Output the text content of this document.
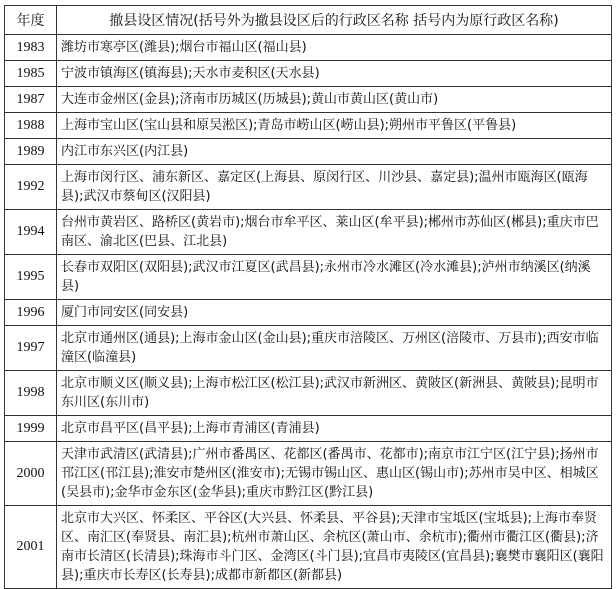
年度	撤县设区情况(括号外为撤县设区后的行政区名称 括号内为原行政区名称)
1983	潍坊市寒亭区(潍县);烟台市福山区(福山县)
1985	宁波市镇海区(镇海县);天水市麦积区(天水县)
1987	大连市金州区(金县);济南市历城区(历城县);黄山市黄山区(黄山市)
1988	上海市宝山区(宝山县和原吴淞区);青岛市崂山区(崂山县);朔州市平鲁区(平鲁县)
1989	内江市东兴区(内江县)
1992	上海市闵行区、浦东新区、嘉定区(上海县、原闵行区、川沙县、嘉定县);温州市瓯海区(瓯海县);武汉市蔡甸区(汉阳县)
1994	台州市黄岩区、路桥区(黄岩市);烟台市牟平区、莱山区(牟平县);郴州市苏仙区(郴县);重庆市巴南区、渝北区(巴县、江北县)
1995	长春市双阳区(双阳县);武汉市江夏区(武昌县);永州市冷水滩区(冷水滩县);泸州市纳溪区(纳溪县)
1996	厦门市同安区(同安县)
1997	北京市通州区(通县);上海市金山区(金山县);重庆市涪陵区、万州区(涪陵市、万县市);西安市临潼区(临潼县)
1998	北京市顺义区(顺义县);上海市松江区(松江县);武汉市新洲区、黄陂区(新洲县、黄陂县);昆明市东川区(东川市)
1999	北京市昌平区(昌平县);上海市青浦区(青浦县)
2000	天津市武清区(武清县);广州市番禺区、花都区(番禺市、花都市);南京市江宁区(江宁县);扬州市邗江区(邗江县);淮安市楚州区(淮安市);无锡市锡山区、惠山区(锡山市);苏州市吴中区、相城区(吴县市);金华市金东区(金华县);重庆市黔江区(黔江县)
2001	北京市大兴区、怀柔区、平谷区(大兴县、怀柔县、平谷县);天津市宝坻区(宝坻县);上海市奉贤区、南汇区(奉贤县、南汇县);杭州市萧山区、余杭区(萧山市、余杭市);衢州市衢江区(衢县);济南市长清区(长清县);珠海市斗门区、金湾区(斗门县);宜昌市夷陵区(宜昌县);襄樊市襄阳区(襄阳县);重庆市长寿区(长寿县);成都市新都区(新都县)
